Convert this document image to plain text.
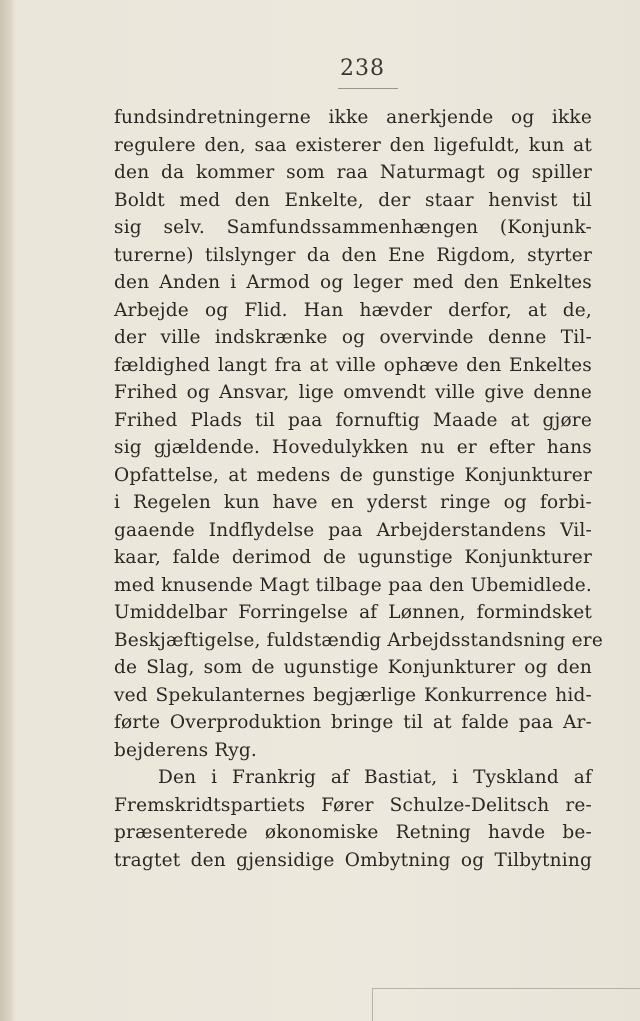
238
fundsindretningerne ikke anerkjende og ikke
regulere den, saa existerer den ligefuldt, kun at
den da kommer som raa Naturmagt og spiller
Boldt med den Enkelte, der staar henvist til
sig selv. Samfundssammenhængen (Konjunk-
turerne) tilslynger da den Ene Rigdom, styrter
den Anden i Armod og leger med den Enkeltes
Arbejde og Flid. Han hævder derfor, at de,
der ville indskrænke og overvinde denne Til-
fældighed langt fra at ville ophæve den Enkeltes
Frihed og Ansvar, lige omvendt ville give denne
Frihed Plads til paa fornuftig Maade at gjøre
sig gjældende. Hovedulykken nu er efter hans
Opfattelse, at medens de gunstige Konjunkturer
i Regelen kun have en yderst ringe og forbi-
gaaende Indflydelse paa Arbejderstandens Vil-
kaar, falde derimod de ugunstige Konjunkturer
med knusende Magt tilbage paa den Ubemidlede.
Umiddelbar Forringelse af Lønnen, formindsket
Beskjæftigelse, fuldstændig Arbejdsstandsning ere
de Slag, som de ugunstige Konjunkturer og den
ved Spekulanternes begjærlige Konkurrence hid-
førte Overproduktion bringe til at falde paa Ar-
bejderens Ryg.
Den i Frankrig af Bastiat, i Tyskland af
Fremskridtspartiets Fører Schulze-Delitsch re-
præsenterede økonomiske Retning havde be-
tragtet den gjensidige Ombytning og Tilbytning
